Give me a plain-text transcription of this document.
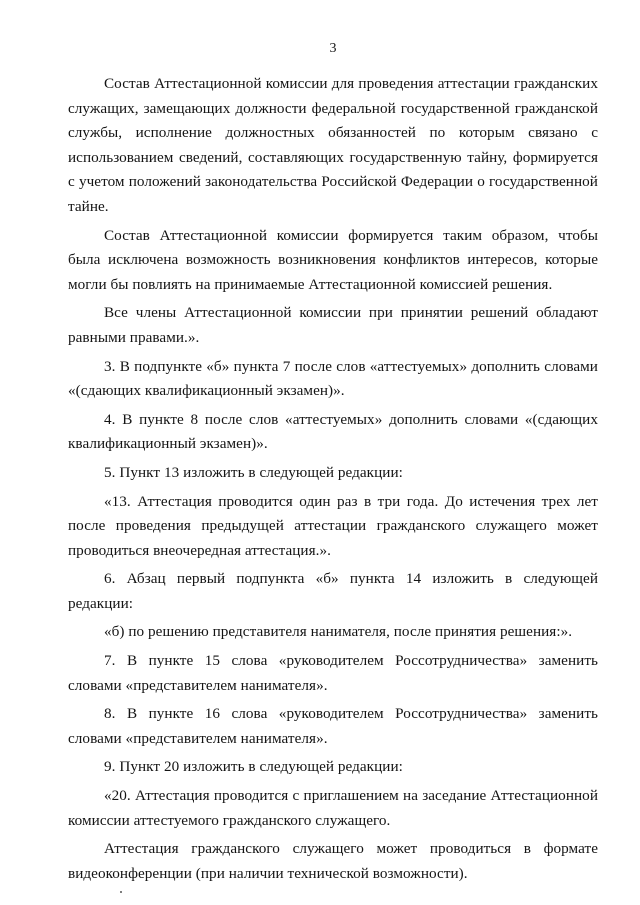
3

Состав Аттестационной комиссии для проведения аттестации гражданских служащих, замещающих должности федеральной государственной гражданской службы, исполнение должностных обязанностей по которым связано с использованием сведений, составляющих государственную тайну, формируется с учетом положений законодательства Российской Федерации о государственной тайне.

Состав Аттестационной комиссии формируется таким образом, чтобы была исключена возможность возникновения конфликтов интересов, которые могли бы повлиять на принимаемые Аттестационной комиссией решения.

Все члены Аттестационной комиссии при принятии решений обладают равными правами.».

3. В подпункте «б» пункта 7 после слов «аттестуемых» дополнить словами «(сдающих квалификационный экзамен)».

4. В пункте 8 после слов «аттестуемых» дополнить словами «(сдающих квалификационный экзамен)».

5. Пункт 13 изложить в следующей редакции:

«13. Аттестация проводится один раз в три года. До истечения трех лет после проведения предыдущей аттестации гражданского служащего может проводиться внеочередная аттестация.».

6. Абзац первый подпункта «б» пункта 14 изложить в следующей редакции:

«б) по решению представителя нанимателя, после принятия решения:».

7. В пункте 15 слова «руководителем Россотрудничества» заменить словами «представителем нанимателя».

8. В пункте 16 слова «руководителем Россотрудничества» заменить словами «представителем нанимателя».

9. Пункт 20 изложить в следующей редакции:

«20. Аттестация проводится с приглашением на заседание Аттестационной комиссии аттестуемого гражданского служащего.

Аттестация гражданского служащего может проводиться в формате видеоконференции (при наличии технической возможности).
